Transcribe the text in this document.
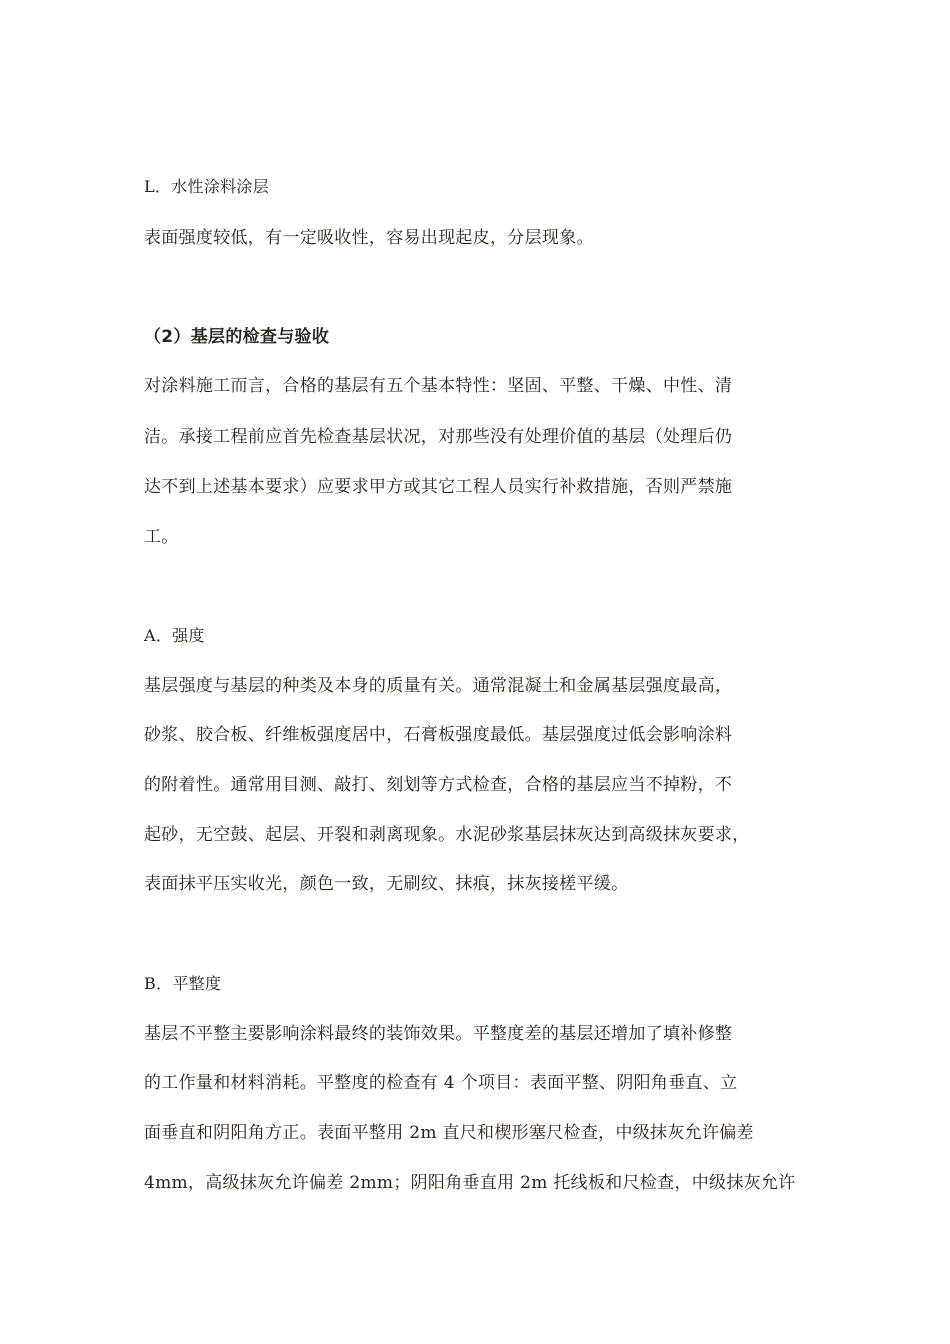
L．水性涂料涂层
表面强度较低，有一定吸收性，容易出现起皮，分层现象。
（2）基层的检查与验收
对涂料施工而言，合格的基层有五个基本特性：坚固、平整、干燥、中性、清
洁。承接工程前应首先检查基层状况，对那些没有处理价值的基层（处理后仍
达不到上述基本要求）应要求甲方或其它工程人员实行补救措施，否则严禁施
工。
A．强度
基层强度与基层的种类及本身的质量有关。通常混凝土和金属基层强度最高，
砂浆、胶合板、纤维板强度居中，石膏板强度最低。基层强度过低会影响涂料
的附着性。通常用目测、敲打、刻划等方式检查，合格的基层应当不掉粉，不
起砂，无空鼓、起层、开裂和剥离现象。水泥砂浆基层抹灰达到高级抹灰要求，
表面抹平压实收光，颜色一致，无刷纹、抹痕，抹灰接槎平缓。
B．平整度
基层不平整主要影响涂料最终的装饰效果。平整度差的基层还增加了填补修整
的工作量和材料消耗。平整度的检查有 4 个项目：表面平整、阴阳角垂直、立
面垂直和阴阳角方正。表面平整用 2m 直尺和楔形塞尺检查，中级抹灰允许偏差
4mm，高级抹灰允许偏差 2mm；阴阳角垂直用 2m 托线板和尺检查，中级抹灰允许
